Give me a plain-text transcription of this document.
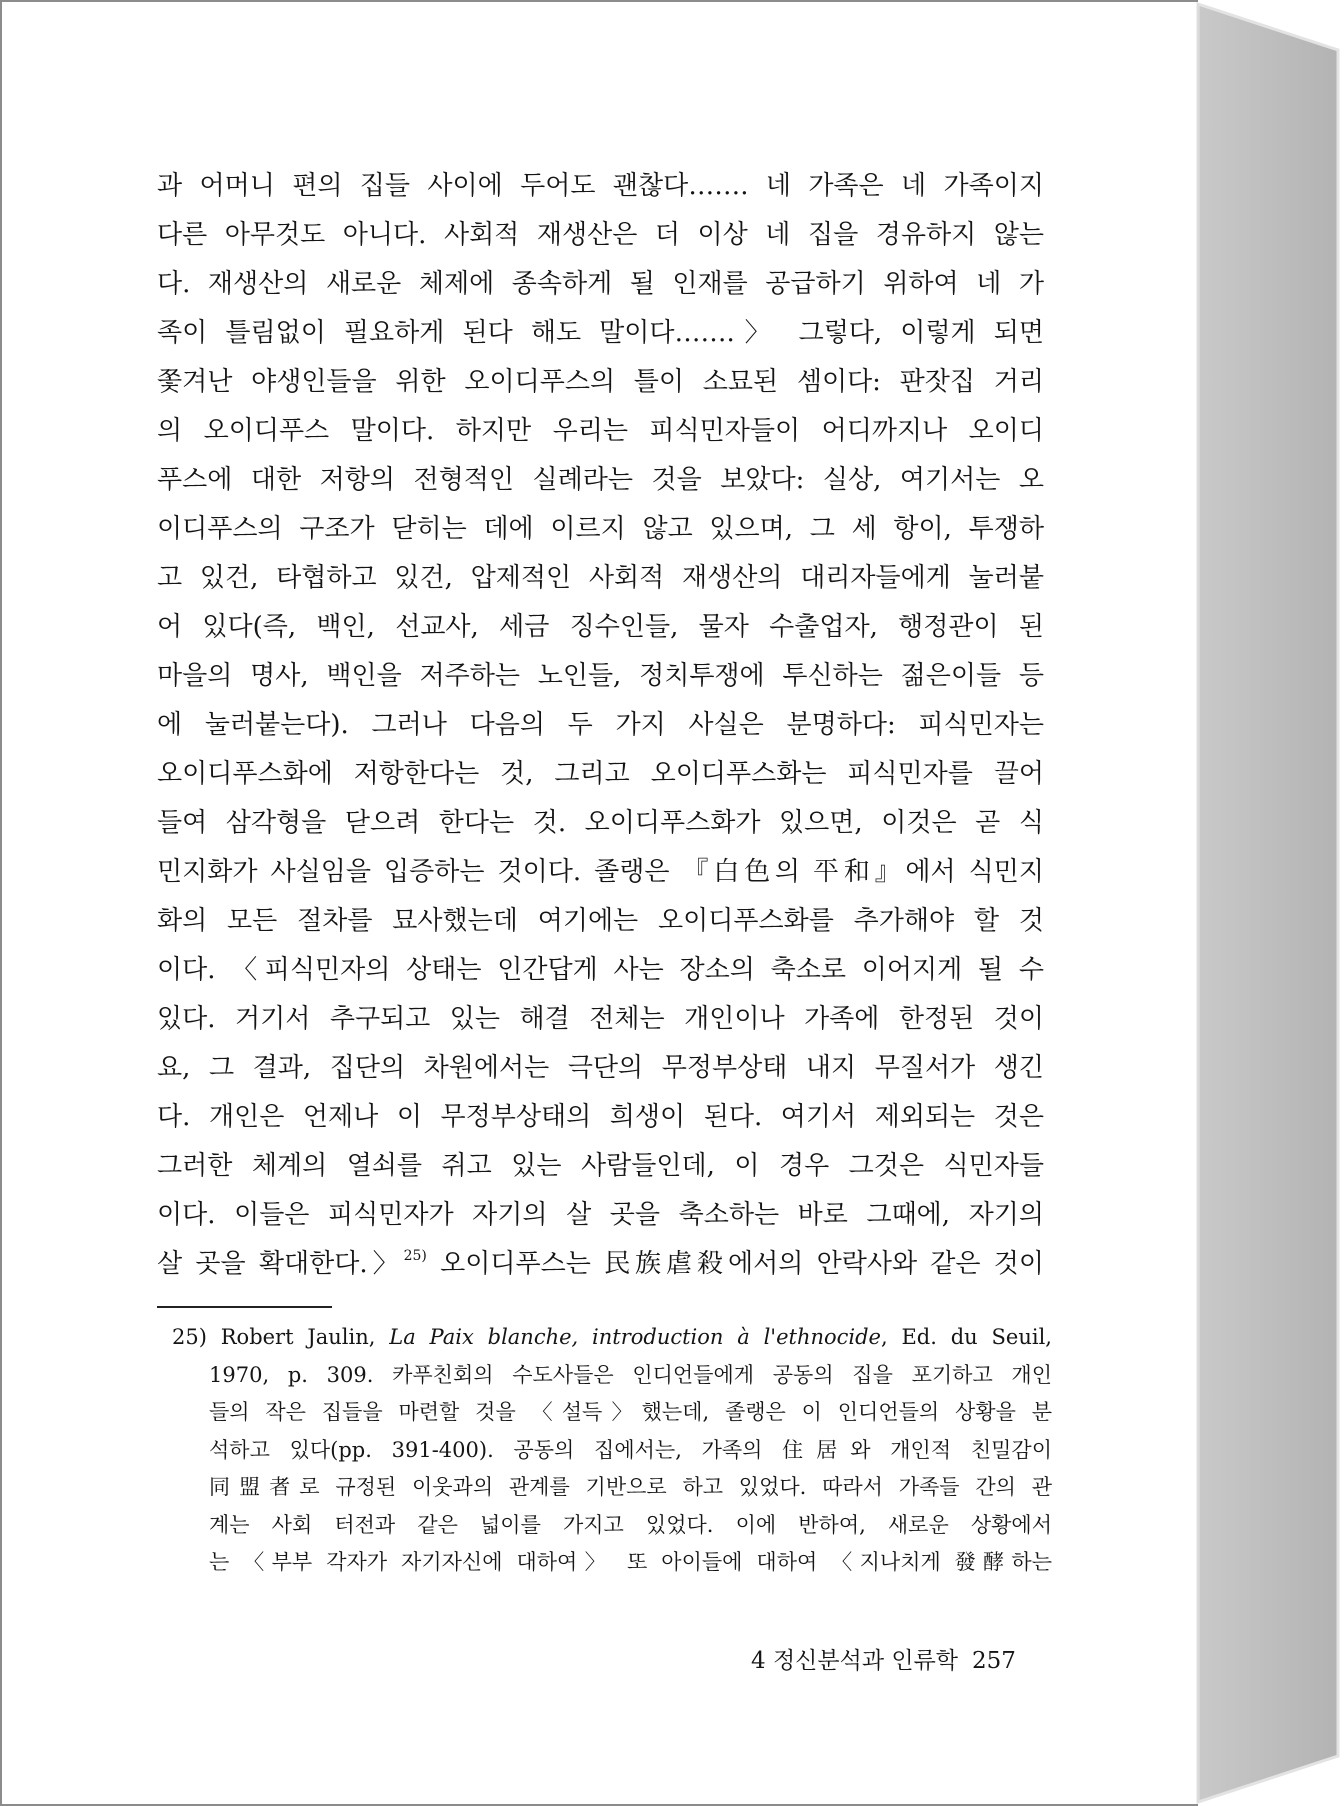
과 어머니 편의 집들 사이에 두어도 괜찮다……. 네 가족은 네 가족이지
다른 아무것도 아니다. 사회적 재생산은 더 이상 네 집을 경유하지 않는
다. 재생산의 새로운 체제에 종속하게 될 인재를 공급하기 위하여 네 가
족이 틀림없이 필요하게 된다 해도 말이다…….〉 그렇다, 이렇게 되면
쫓겨난 야생인들을 위한 오이디푸스의 틀이 소묘된 셈이다: 판잣집 거리
의 오이디푸스 말이다. 하지만 우리는 피식민자들이 어디까지나 오이디
푸스에 대한 저항의 전형적인 실례라는 것을 보았다: 실상, 여기서는 오
이디푸스의 구조가 닫히는 데에 이르지 않고 있으며, 그 세 항이, 투쟁하
고 있건, 타협하고 있건, 압제적인 사회적 재생산의 대리자들에게 눌러붙
어 있다(즉, 백인, 선교사, 세금 징수인들, 물자 수출업자, 행정관이 된
마을의 명사, 백인을 저주하는 노인들, 정치투쟁에 투신하는 젊은이들 등
에 눌러붙는다). 그러나 다음의 두 가지 사실은 분명하다: 피식민자는
오이디푸스화에 저항한다는 것, 그리고 오이디푸스화는 피식민자를 끌어
들여 삼각형을 닫으려 한다는 것. 오이디푸스화가 있으면, 이것은 곧 식
민지화가 사실임을 입증하는 것이다. 졸랭은 『白色의 平和』에서 식민지
화의 모든 절차를 묘사했는데 여기에는 오이디푸스화를 추가해야 할 것
이다. 〈피식민자의 상태는 인간답게 사는 장소의 축소로 이어지게 될 수
있다. 거기서 추구되고 있는 해결 전체는 개인이나 가족에 한정된 것이
요, 그 결과, 집단의 차원에서는 극단의 무정부상태 내지 무질서가 생긴
다. 개인은 언제나 이 무정부상태의 희생이 된다. 여기서 제외되는 것은
그러한 체계의 열쇠를 쥐고 있는 사람들인데, 이 경우 그것은 식민자들
이다. 이들은 피식민자가 자기의 살 곳을 축소하는 바로 그때에, 자기의
살 곳을 확대한다.〉$^{25)}$ 오이디푸스는 民族虐殺에서의 안락사와 같은 것이
25) Robert Jaulin, La Paix blanche, introduction à l'ethnocide, Ed. du Seuil,
1970, p. 309. 카푸친회의 수도사들은 인디언들에게 공동의 집을 포기하고 개인
들의 작은 집들을 마련할 것을 〈설득〉했는데, 졸랭은 이 인디언들의 상황을 분
석하고 있다(pp. 391-400). 공동의 집에서는, 가족의 住居와 개인적 친밀감이
同盟者로 규정된 이웃과의 관계를 기반으로 하고 있었다. 따라서 가족들 간의 관
계는 사회 터전과 같은 넓이를 가지고 있었다. 이에 반하여, 새로운 상황에서
는 〈부부 각자가 자기자신에 대하여〉 또 아이들에 대하여 〈지나치게 發酵하는
4 정신분석과 인류학 257
